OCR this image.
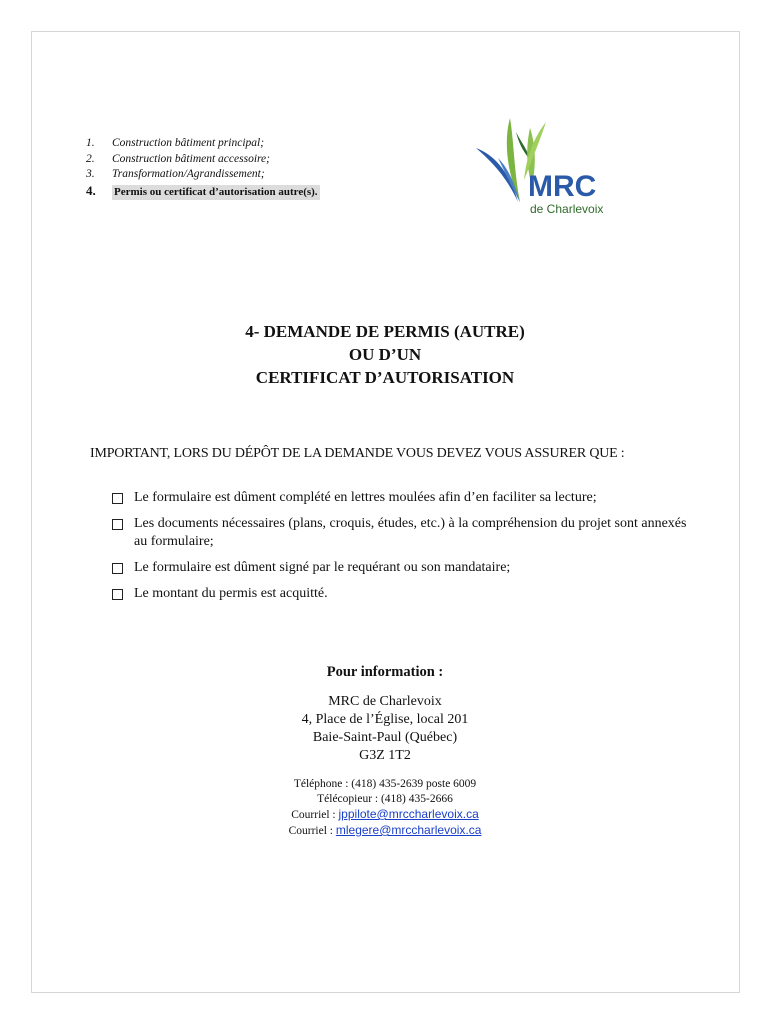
1.	Construction bâtiment principal;
2.	Construction bâtiment accessoire;
3.	Transformation/Agrandissement;
4.	Permis ou certificat d’autorisation autre(s).	MRC
de Charlevoix
4- DEMANDE DE PERMIS (AUTRE)
OU D’UN
CERTIFICAT D’AUTORISATION
IMPORTANT, LORS DU DÉPÔT DE LA DEMANDE VOUS DEVEZ VOUS ASSURER QUE :
Le formulaire est dûment complété en lettres moulées afin d’en faciliter sa lecture;
Les documents nécessaires (plans, croquis, études, etc.) à la compréhension du projet sont annexés au formulaire;
Le formulaire est dûment signé par le requérant ou son mandataire;
Le montant du permis est acquitté.
Pour information :
MRC de Charlevoix
4, Place de l’Église, local 201
Baie-Saint-Paul (Québec)
G3Z 1T2
Téléphone : (418) 435-2639 poste 6009
Télécopieur : (418) 435-2666
Courriel : jppilote@mrccharlevoix.ca
Courriel : mlegere@mrccharlevoix.ca
